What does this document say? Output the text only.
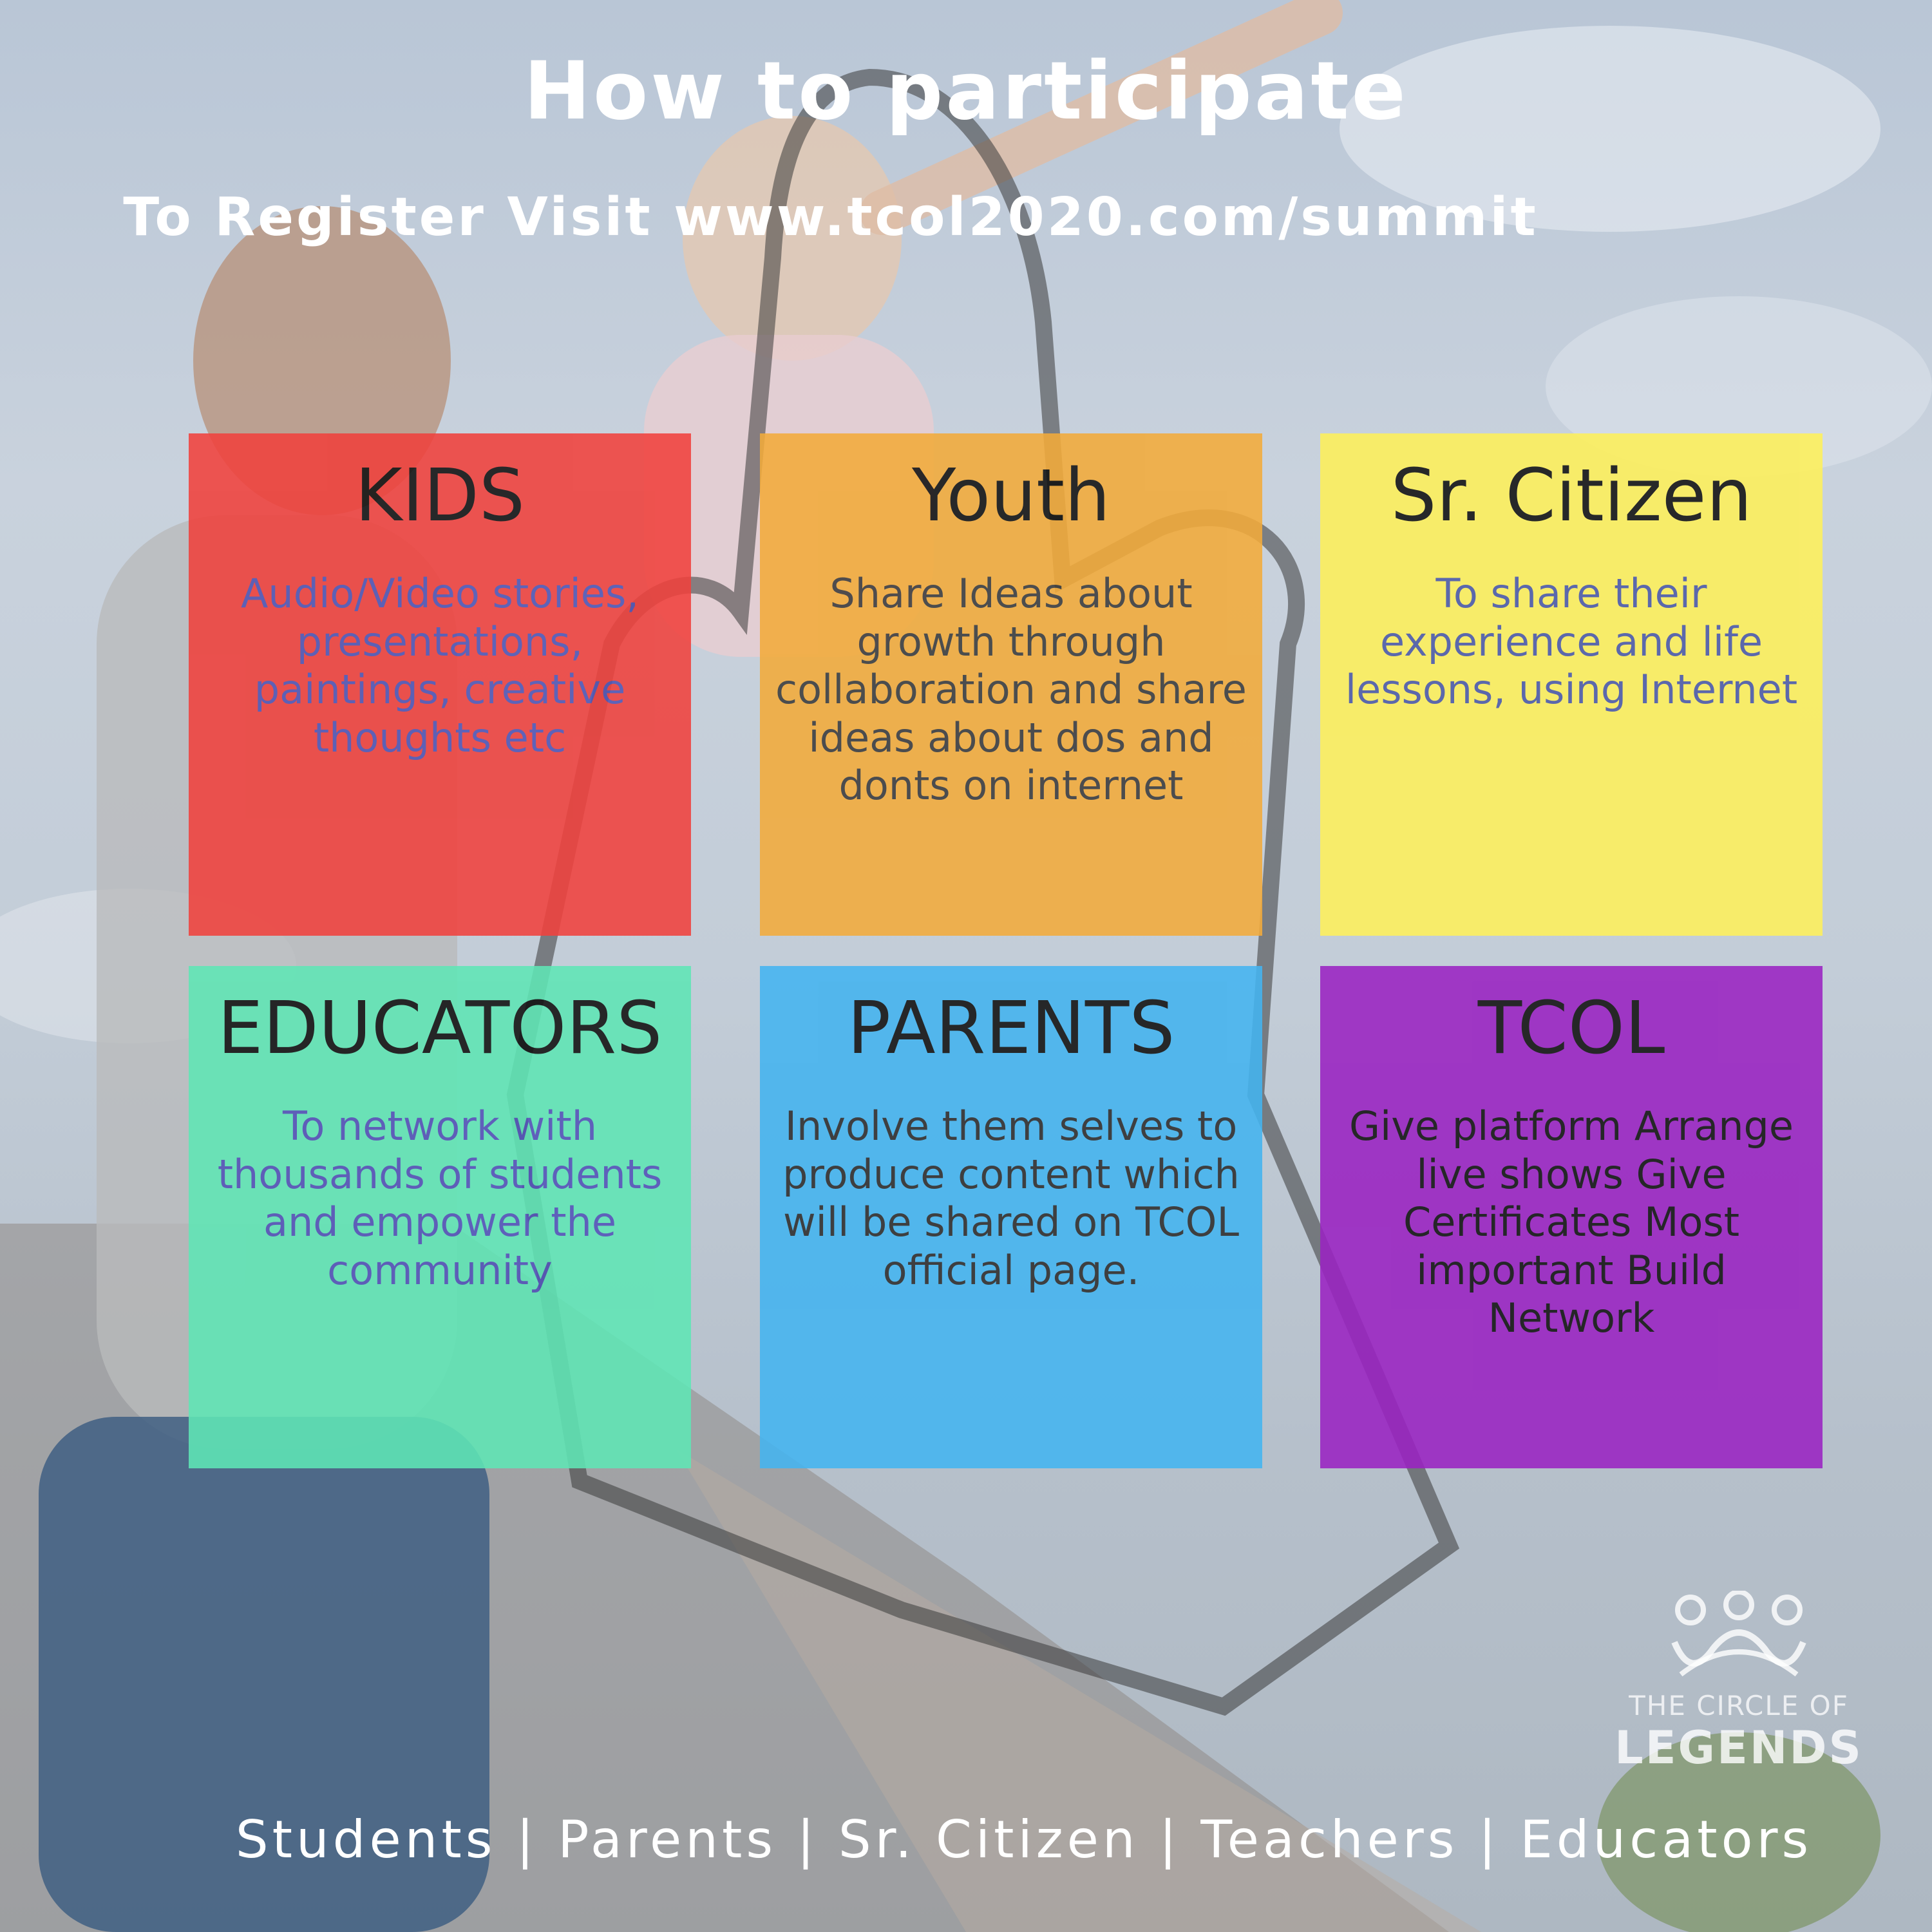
How to participate
To Register Visit www.tcol2020.com/summit
KIDS
Audio/Video stories, presentations, paintings, creative thoughts etc
Youth
Share Ideas about growth through collaboration and share ideas about dos and donts on internet
Sr. Citizen
To share their experience and life lessons, using Internet
EDUCATORS
To network with thousands of students and empower the community
PARENTS
Involve them selves to produce content which will be shared on TCOL official page.
TCOL
Give platform Arrange live shows Give Certificates Most important Build Network
THE CIRCLE OF
LEGENDS
Students | Parents | Sr. Citizen | Teachers | Educators
